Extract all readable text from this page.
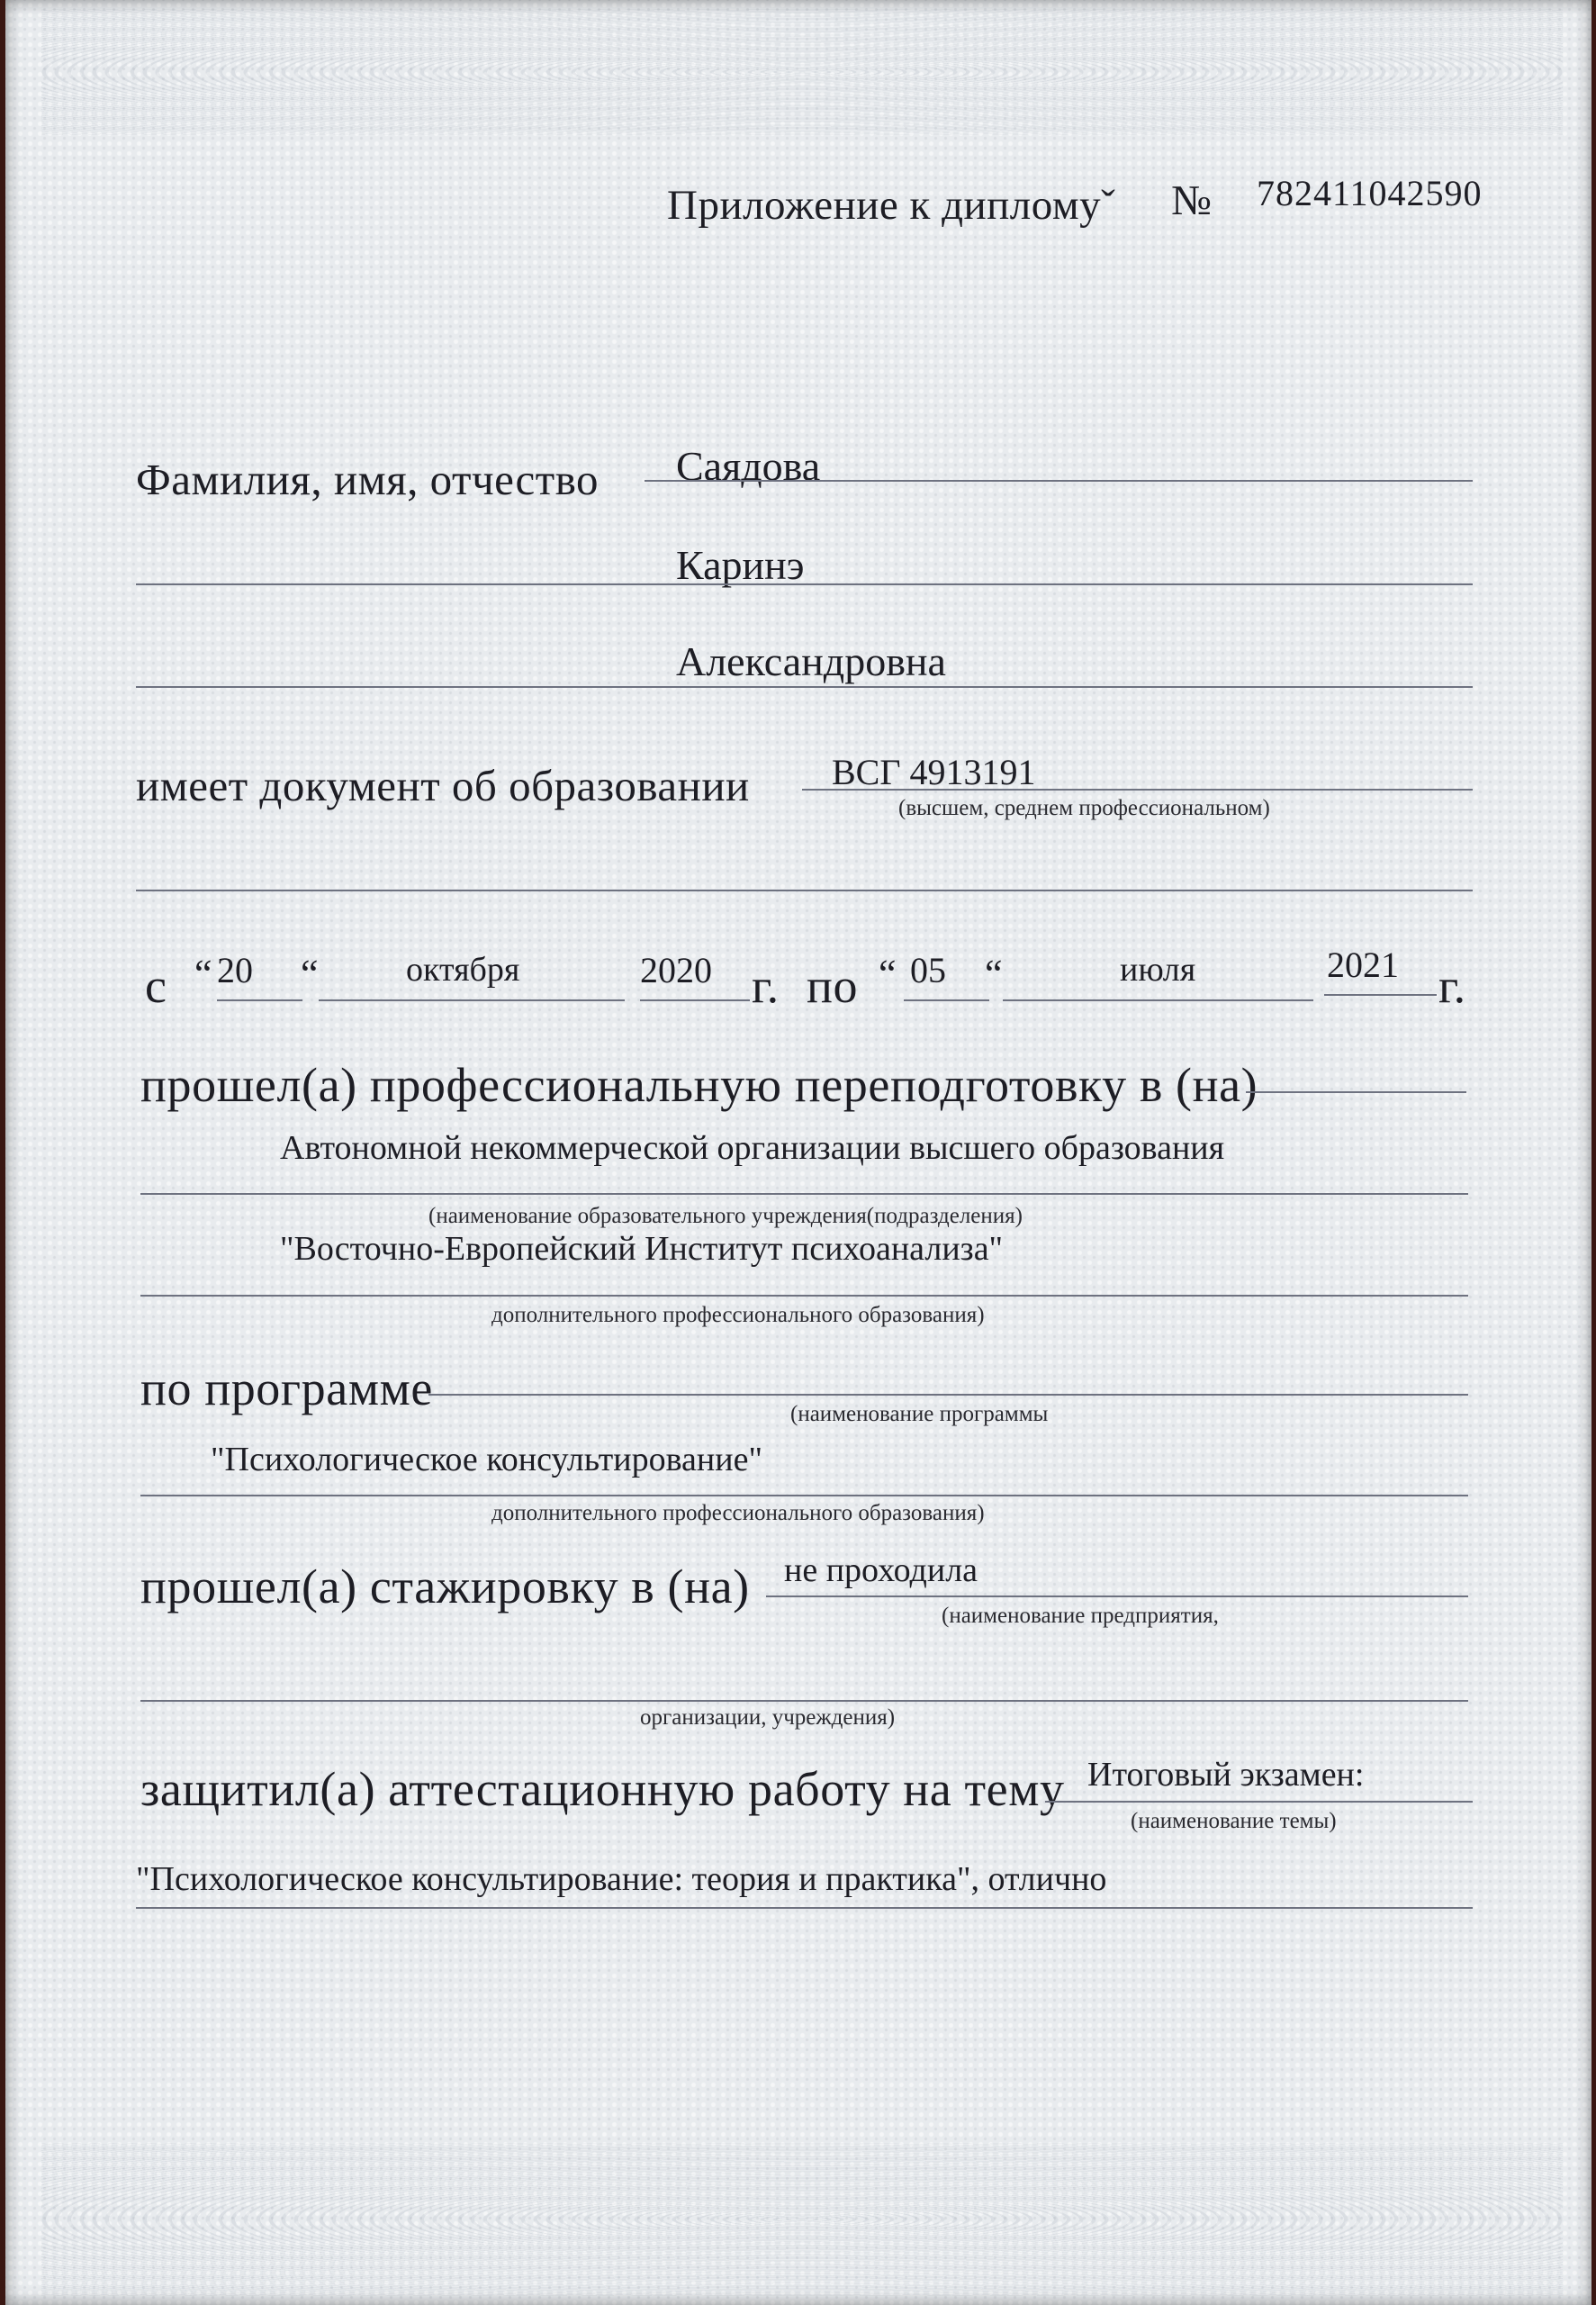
Приложение к дипломуˇ № 782411042590
Фамилия, имя, отчество Саядова
Каринэ
Александровна
имеет документ об образовании ВСГ 4913191
(высшем, среднем профессиональном)
с “ 20 “	октября	2020 г. по “ 05 “	июля	2021 г.
прошел(а) профессиональную переподготовку в (на)
Автономной некоммерческой организации высшего образования
(наименование образовательного учреждения(подразделения)
"Восточно-Европейский Институт психоанализа"
дополнительного профессионального образования)
по программе	(наименование программы
"Психологическое консультирование"
дополнительного профессионального образования)
прошел(а) стажировку в (на) не проходила
(наименование предприятия,
организации, учреждения)
защитил(а) аттестационную работу на тему Итоговый экзамен:
(наименование темы)
"Психологическое консультирование: теория и практика", отлично
